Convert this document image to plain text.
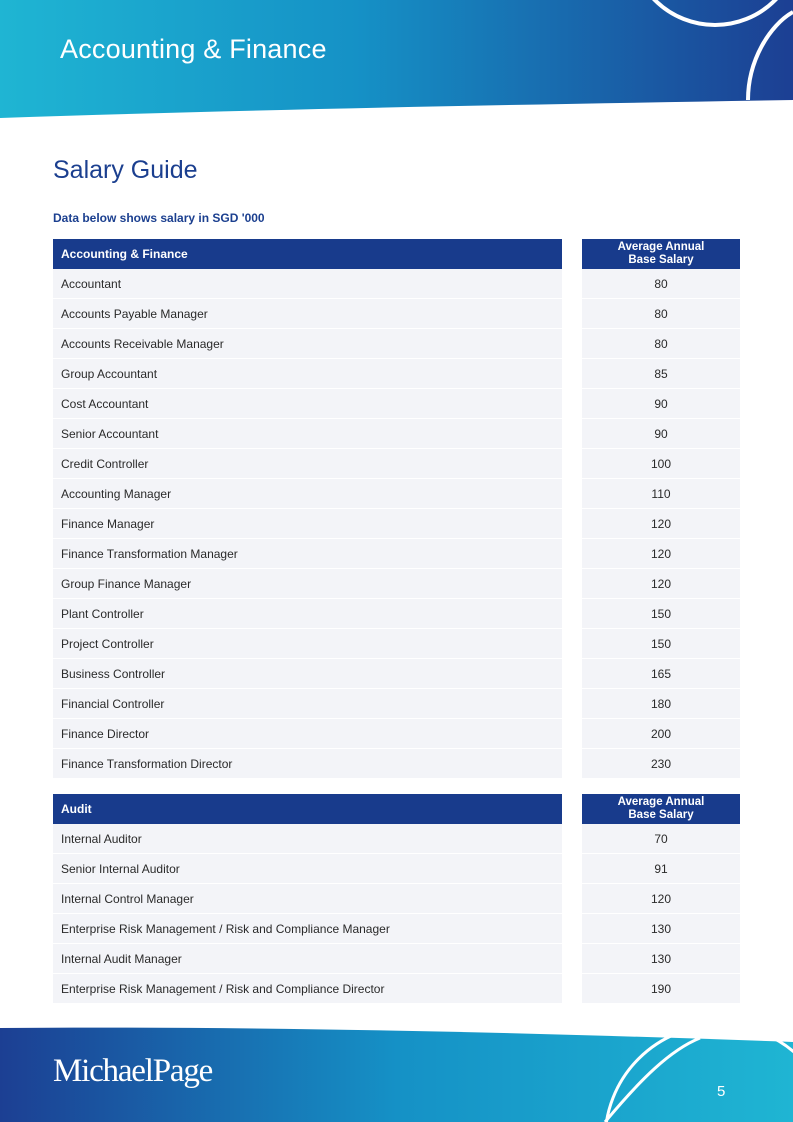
Accounting & Finance
Salary Guide
Data below shows salary in SGD '000
Accounting & Finance	Average Annual
Base Salary
Accountant	80
Accounts Payable Manager	80
Accounts Receivable Manager	80
Group Accountant	85
Cost Accountant	90
Senior Accountant	90
Credit Controller	100
Accounting Manager	110
Finance Manager	120
Finance Transformation Manager	120
Group Finance Manager	120
Plant Controller	150
Project Controller	150
Business Controller	165
Financial Controller	180
Finance Director	200
Finance Transformation Director	230
Audit	Average Annual
Base Salary
Internal Auditor	70
Senior Internal Auditor	91
Internal Control Manager	120
Enterprise Risk Management / Risk and Compliance Manager	130
Internal Audit Manager	130
Enterprise Risk Management / Risk and Compliance Director	190
MichaelPage
5
